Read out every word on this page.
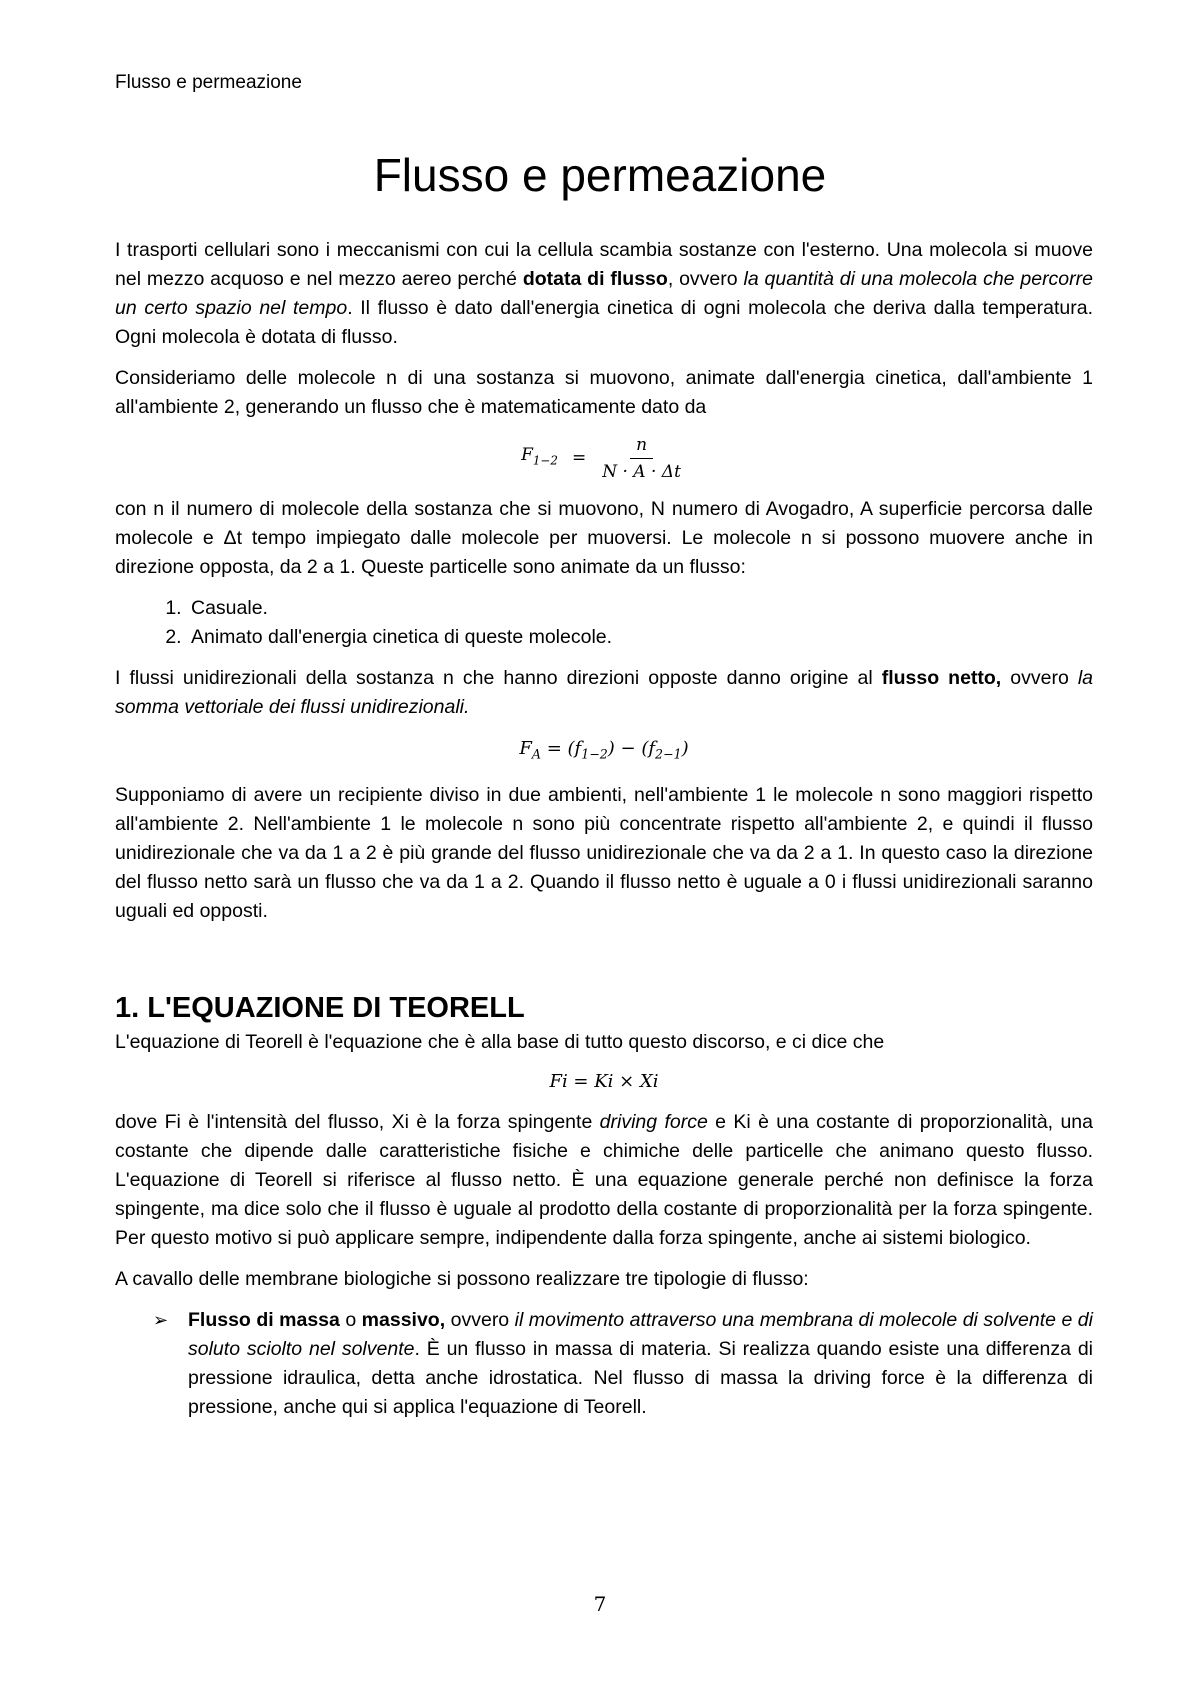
Flusso e permeazione
Flusso e permeazione

I trasporti cellulari sono i meccanismi con cui la cellula scambia sostanze con l'esterno. Una molecola si muove nel mezzo acquoso e nel mezzo aereo perché dotata di flusso, ovvero la quantità di una molecola che percorre un certo spazio nel tempo. Il flusso è dato dall'energia cinetica di ogni molecola che deriva dalla temperatura. Ogni molecola è dotata di flusso.

Consideriamo delle molecole n di una sostanza si muovono, animate dall'energia cinetica, dall'ambiente 1 all'ambiente 2, generando un flusso che è matematicamente dato da

$F_{1-2} = \frac{n}{N \cdot A \cdot \Delta t}$

con n il numero di molecole della sostanza che si muovono, N numero di Avogadro, A superficie percorsa dalle molecole e Δt tempo impiegato dalle molecole per muoversi. Le molecole n si possono muovere anche in direzione opposta, da 2 a 1. Queste particelle sono animate da un flusso:

1. Casuale.
2. Animato dall'energia cinetica di queste molecole.

I flussi unidirezionali della sostanza n che hanno direzioni opposte danno origine al flusso netto, ovvero la somma vettoriale dei flussi unidirezionali.

$F_A = (f_{1-2}) - (f_{2-1})$

Supponiamo di avere un recipiente diviso in due ambienti, nell'ambiente 1 le molecole n sono maggiori rispetto all'ambiente 2. Nell'ambiente 1 le molecole n sono più concentrate rispetto all'ambiente 2, e quindi il flusso unidirezionale che va da 1 a 2 è più grande del flusso unidirezionale che va da 2 a 1. In questo caso la direzione del flusso netto sarà un flusso che va da 1 a 2. Quando il flusso netto è uguale a 0 i flussi unidirezionali saranno uguali ed opposti.

1. L'EQUAZIONE DI TEORELL

L'equazione di Teorell è l'equazione che è alla base di tutto questo discorso, e ci dice che

Fi = Ki × Xi

dove Fi è l'intensità del flusso, Xi è la forza spingente driving force e Ki è una costante di proporzionalità, una costante che dipende dalle caratteristiche fisiche e chimiche delle particelle che animano questo flusso. L'equazione di Teorell si riferisce al flusso netto. È una equazione generale perché non definisce la forza spingente, ma dice solo che il flusso è uguale al prodotto della costante di proporzionalità per la forza spingente. Per questo motivo si può applicare sempre, indipendente dalla forza spingente, anche ai sistemi biologico.

A cavallo delle membrane biologiche si possono realizzare tre tipologie di flusso:

➢ Flusso di massa o massivo, ovvero il movimento attraverso una membrana di molecole di solvente e di soluto sciolto nel solvente. È un flusso in massa di materia. Si realizza quando esiste una differenza di pressione idraulica, detta anche idrostatica. Nel flusso di massa la driving force è la differenza di pressione, anche qui si applica l'equazione di Teorell.
7
